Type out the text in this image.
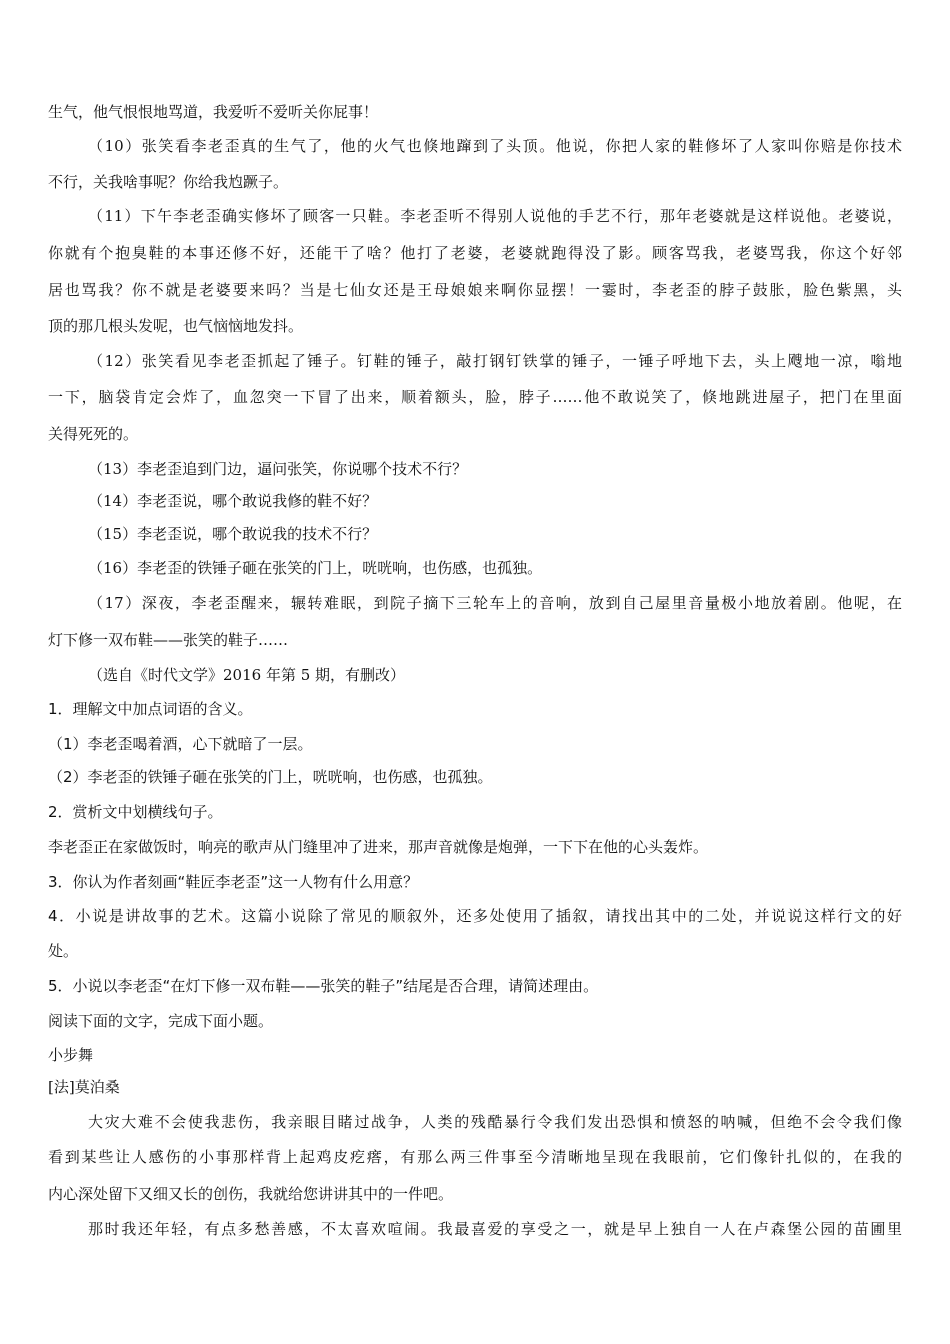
生气，他气恨恨地骂道，我爱听不爱听关你屁事！
（10）张笑看李老歪真的生气了，他的火气也倏地蹿到了头顶。他说，你把人家的鞋修坏了人家叫你赔是你技术
不行，关我啥事呢？你给我尥蹶子。
（11）下午李老歪确实修坏了顾客一只鞋。李老歪听不得别人说他的手艺不行，那年老婆就是这样说他。老婆说，
你就有个抱臭鞋的本事还修不好，还能干了啥？他打了老婆，老婆就跑得没了影。顾客骂我，老婆骂我，你这个好邻
居也骂我？你不就是老婆要来吗？当是七仙女还是王母娘娘来啊你显摆！一霎时，李老歪的脖子鼓胀，脸色紫黑，头
顶的那几根头发呢，也气恼恼地发抖。
（12）张笑看见李老歪抓起了锤子。钉鞋的锤子，敲打钢钉铁掌的锤子，一锤子呼地下去，头上飕地一凉，嗡地
一下，脑袋肯定会炸了，血忽突一下冒了出来，顺着额头，脸，脖子……他不敢说笑了，倏地跳进屋子，把门在里面
关得死死的。
（13）李老歪追到门边，逼问张笑，你说哪个技术不行？
（14）李老歪说，哪个敢说我修的鞋不好？
（15）李老歪说，哪个敢说我的技术不行？
（16）李老歪的铁锤子砸在张笑的门上，咣咣响，也伤感，也孤独。
（17）深夜，李老歪醒来，辗转难眠，到院子摘下三轮车上的音响，放到自己屋里音量极小地放着剧。他呢，在
灯下修一双布鞋——张笑的鞋子……
（选自《时代文学》2016 年第 5 期，有删改）
1．理解文中加点词语的含义。
（1）李老歪喝着酒，心下就暗了一层。
（2）李老歪的铁锤子砸在张笑的门上，咣咣响，也伤感，也孤独。
2．赏析文中划横线句子。
李老歪正在家做饭时，响亮的歌声从门缝里冲了进来，那声音就像是炮弹，一下下在他的心头轰炸。
3．你认为作者刻画“鞋匠李老歪”这一人物有什么用意？
4．小说是讲故事的艺术。这篇小说除了常见的顺叙外，还多处使用了插叙，请找出其中的二处，并说说这样行文的好
处。
5．小说以李老歪“在灯下修一双布鞋——张笑的鞋子”结尾是否合理，请简述理由。
阅读下面的文字，完成下面小题。
小步舞
[法]莫泊桑
大灾大难不会使我悲伤，我亲眼目睹过战争，人类的残酷暴行令我们发出恐惧和愤怒的呐喊，但绝不会令我们像
看到某些让人感伤的小事那样背上起鸡皮疙瘩，有那么两三件事至今清晰地呈现在我眼前，它们像针扎似的，在我的
内心深处留下又细又长的创伤，我就给您讲讲其中的一件吧。
那时我还年轻，有点多愁善感，不太喜欢喧闹。我最喜爱的享受之一，就是早上独自一人在卢森堡公园的苗圃里
